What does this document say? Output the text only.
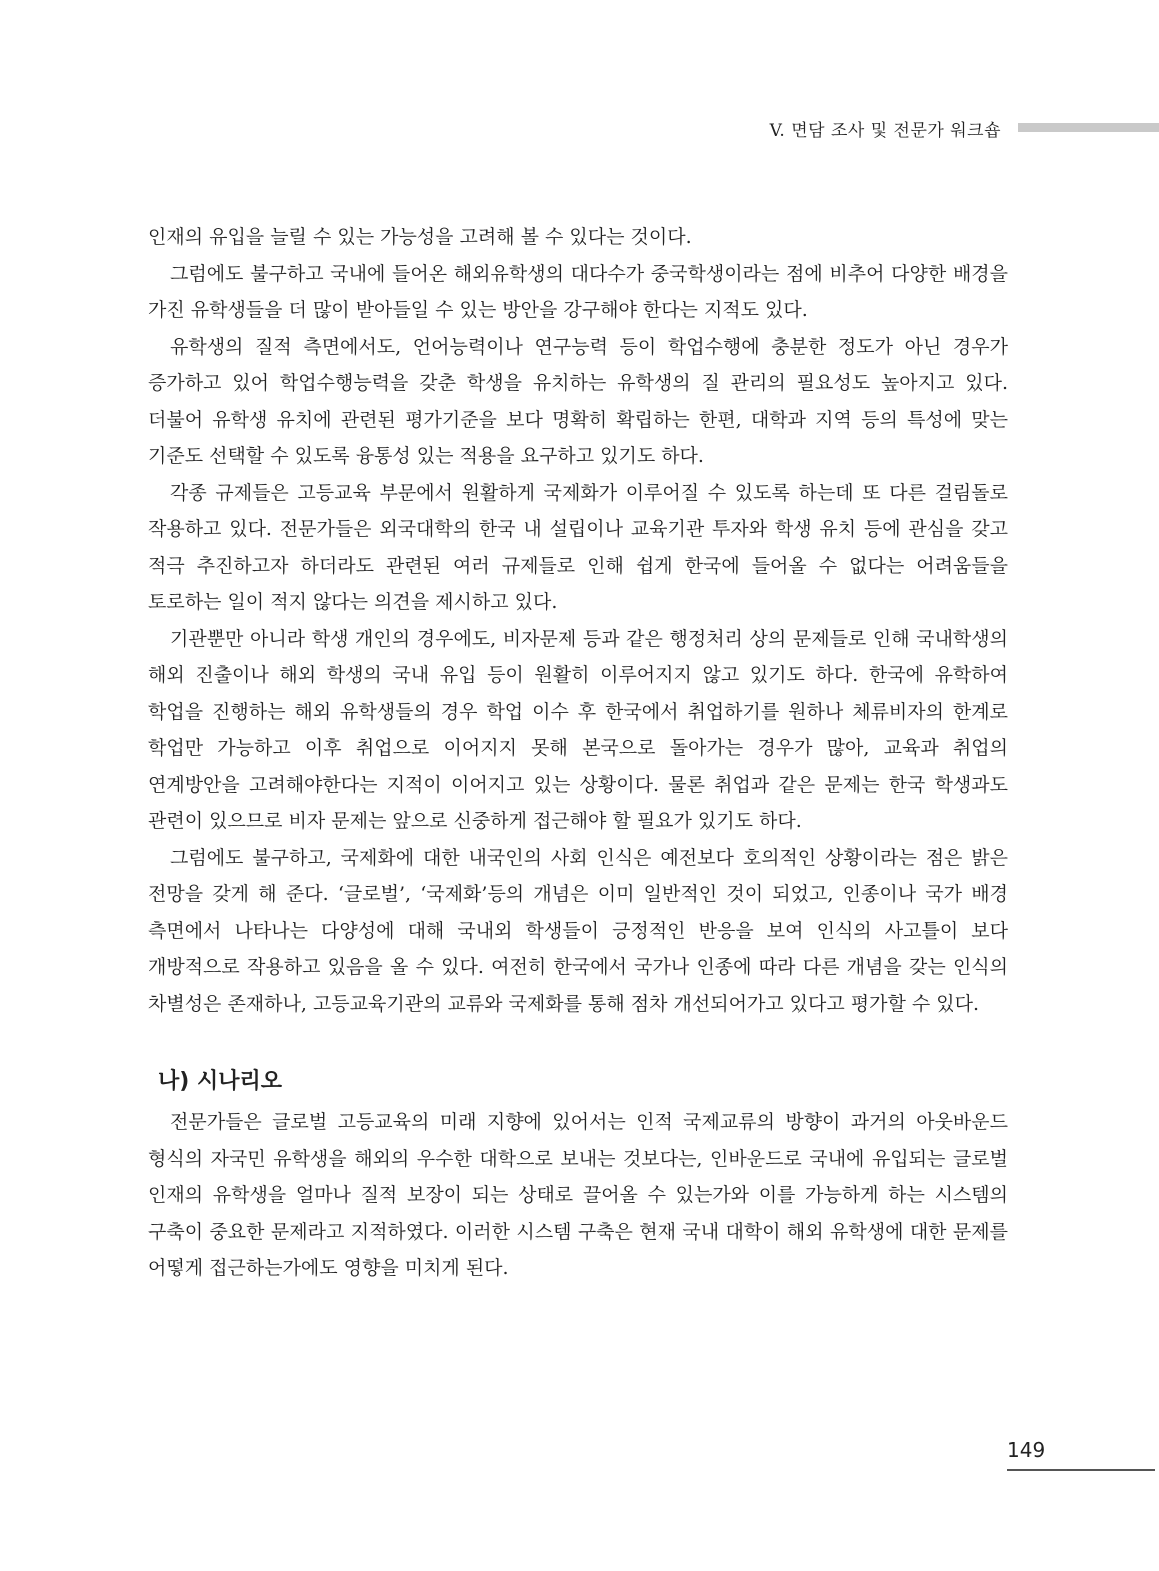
V. 면담 조사 및 전문가 워크숍

인재의 유입을 늘릴 수 있는 가능성을 고려해 볼 수 있다는 것이다.

그럼에도 불구하고 국내에 들어온 해외유학생의 대다수가 중국학생이라는 점에 비추어 다양한 배경을 가진 유학생들을 더 많이 받아들일 수 있는 방안을 강구해야 한다는 지적도 있다.

유학생의 질적 측면에서도, 언어능력이나 연구능력 등이 학업수행에 충분한 정도가 아닌 경우가 증가하고 있어 학업수행능력을 갖춘 학생을 유치하는 유학생의 질 관리의 필요성도 높아지고 있다. 더불어 유학생 유치에 관련된 평가기준을 보다 명확히 확립하는 한편, 대학과 지역 등의 특성에 맞는 기준도 선택할 수 있도록 융통성 있는 적용을 요구하고 있기도 하다.

각종 규제들은 고등교육 부문에서 원활하게 국제화가 이루어질 수 있도록 하는데 또 다른 걸림돌로 작용하고 있다. 전문가들은 외국대학의 한국 내 설립이나 교육기관 투자와 학생 유치 등에 관심을 갖고 적극 추진하고자 하더라도 관련된 여러 규제들로 인해 쉽게 한국에 들어올 수 없다는 어려움들을 토로하는 일이 적지 않다는 의견을 제시하고 있다.

기관뿐만 아니라 학생 개인의 경우에도, 비자문제 등과 같은 행정처리 상의 문제들로 인해 국내학생의 해외 진출이나 해외 학생의 국내 유입 등이 원활히 이루어지지 않고 있기도 하다. 한국에 유학하여 학업을 진행하는 해외 유학생들의 경우 학업 이수 후 한국에서 취업하기를 원하나 체류비자의 한계로 학업만 가능하고 이후 취업으로 이어지지 못해 본국으로 돌아가는 경우가 많아, 교육과 취업의 연계방안을 고려해야한다는 지적이 이어지고 있는 상황이다. 물론 취업과 같은 문제는 한국 학생과도 관련이 있으므로 비자 문제는 앞으로 신중하게 접근해야 할 필요가 있기도 하다.

그럼에도 불구하고, 국제화에 대한 내국인의 사회 인식은 예전보다 호의적인 상황이라는 점은 밝은 전망을 갖게 해 준다. ‘글로벌’, ‘국제화’등의 개념은 이미 일반적인 것이 되었고, 인종이나 국가 배경 측면에서 나타나는 다양성에 대해 국내외 학생들이 긍정적인 반응을 보여 인식의 사고틀이 보다 개방적으로 작용하고 있음을 올 수 있다. 여전히 한국에서 국가나 인종에 따라 다른 개념을 갖는 인식의 차별성은 존재하나, 고등교육기관의 교류와 국제화를 통해 점차 개선되어가고 있다고 평가할 수 있다.

나) 시나리오

전문가들은 글로벌 고등교육의 미래 지향에 있어서는 인적 국제교류의 방향이 과거의 아웃바운드 형식의 자국민 유학생을 해외의 우수한 대학으로 보내는 것보다는, 인바운드로 국내에 유입되는 글로벌 인재의 유학생을 얼마나 질적 보장이 되는 상태로 끌어올 수 있는가와 이를 가능하게 하는 시스템의 구축이 중요한 문제라고 지적하였다. 이러한 시스템 구축은 현재 국내 대학이 해외 유학생에 대한 문제를 어떻게 접근하는가에도 영향을 미치게 된다.

149
